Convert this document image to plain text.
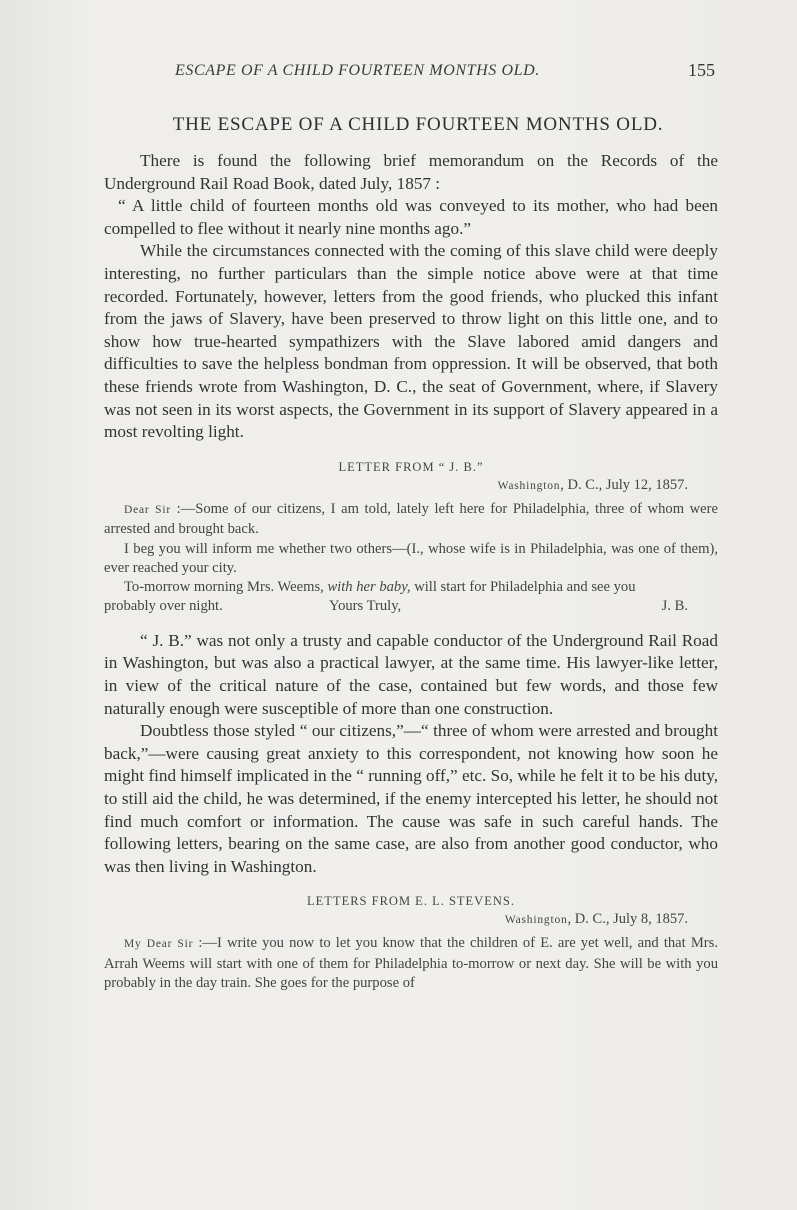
ESCAPE OF A CHILD FOURTEEN MONTHS OLD.	155
THE ESCAPE OF A CHILD FOURTEEN MONTHS OLD.

There is found the following brief memorandum on the Records of the Underground Rail Road Book, dated July, 1857 :

“ A little child of fourteen months old was conveyed to its mother, who had been compelled to flee without it nearly nine months ago.”

While the circumstances connected with the coming of this slave child were deeply interesting, no further particulars than the simple notice above were at that time recorded. Fortunately, however, letters from the good friends, who plucked this infant from the jaws of Slavery, have been preserved to throw light on this little one, and to show how true-hearted sympathizers with the Slave labored amid dangers and difficulties to save the helpless bondman from oppression. It will be observed, that both these friends wrote from Washington, D. C., the seat of Government, where, if Slavery was not seen in its worst aspects, the Government in its support of Slavery appeared in a most revolting light.

LETTER FROM “ J. B.”
Washington, D. C., July 12, 1857.

Dear Sir :—Some of our citizens, I am told, lately left here for Philadelphia, three of whom were arrested and brought back.

I beg you will inform me whether two others—(I., whose wife is in Philadelphia, was one of them), ever reached your city.

To-morrow morning Mrs. Weems, with her baby, will start for Philadelphia and see you

probably over night.	Yours Truly,	J. B.

“ J. B.” was not only a trusty and capable conductor of the Underground Rail Road in Washington, but was also a practical lawyer, at the same time. His lawyer-like letter, in view of the critical nature of the case, contained but few words, and those few naturally enough were susceptible of more than one construction.

Doubtless those styled “ our citizens,”—“ three of whom were arrested and brought back,”—were causing great anxiety to this correspondent, not knowing how soon he might find himself implicated in the “ running off,” etc. So, while he felt it to be his duty, to still aid the child, he was determined, if the enemy intercepted his letter, he should not find much comfort or information. The cause was safe in such careful hands. The following letters, bearing on the same case, are also from another good conductor, who was then living in Washington.

LETTERS FROM E. L. STEVENS.
Washington, D. C., July 8, 1857.

My Dear Sir :—I write you now to let you know that the children of E. are yet well, and that Mrs. Arrah Weems will start with one of them for Philadelphia to-morrow or next day. She will be with you probably in the day train. She goes for the purpose of
